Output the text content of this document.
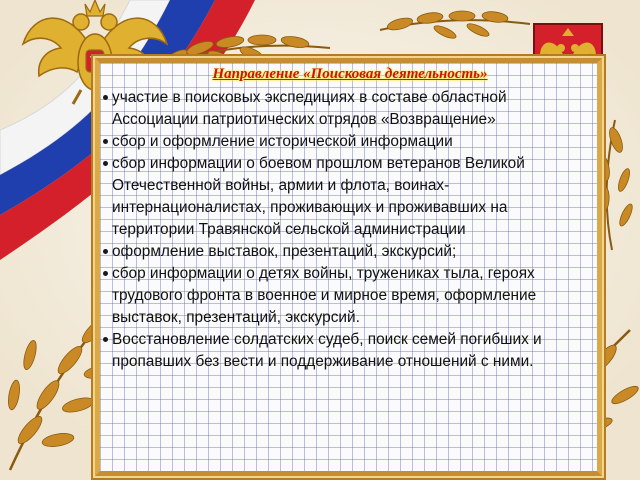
Направление «Поисковая деятельность»
участие в поисковых экспедициях в составе областной Ассоциации патриотических отрядов «Возвращение»
сбор и оформление исторической информации
сбор информации о боевом прошлом ветеранов Великой Отечественной войны, армии и флота, воинах- интернационалистах, проживающих и проживавших на территории Травянской сельской администрации
оформление выставок, презентаций, экскурсий;
сбор информации о детях войны, тружениках тыла, героях трудового фронта в военное и мирное время, оформление выставок, презентаций, экскурсий.
Восстановление солдатских судеб, поиск семей погибших и пропавших без вести и поддерживание отношений с ними.
